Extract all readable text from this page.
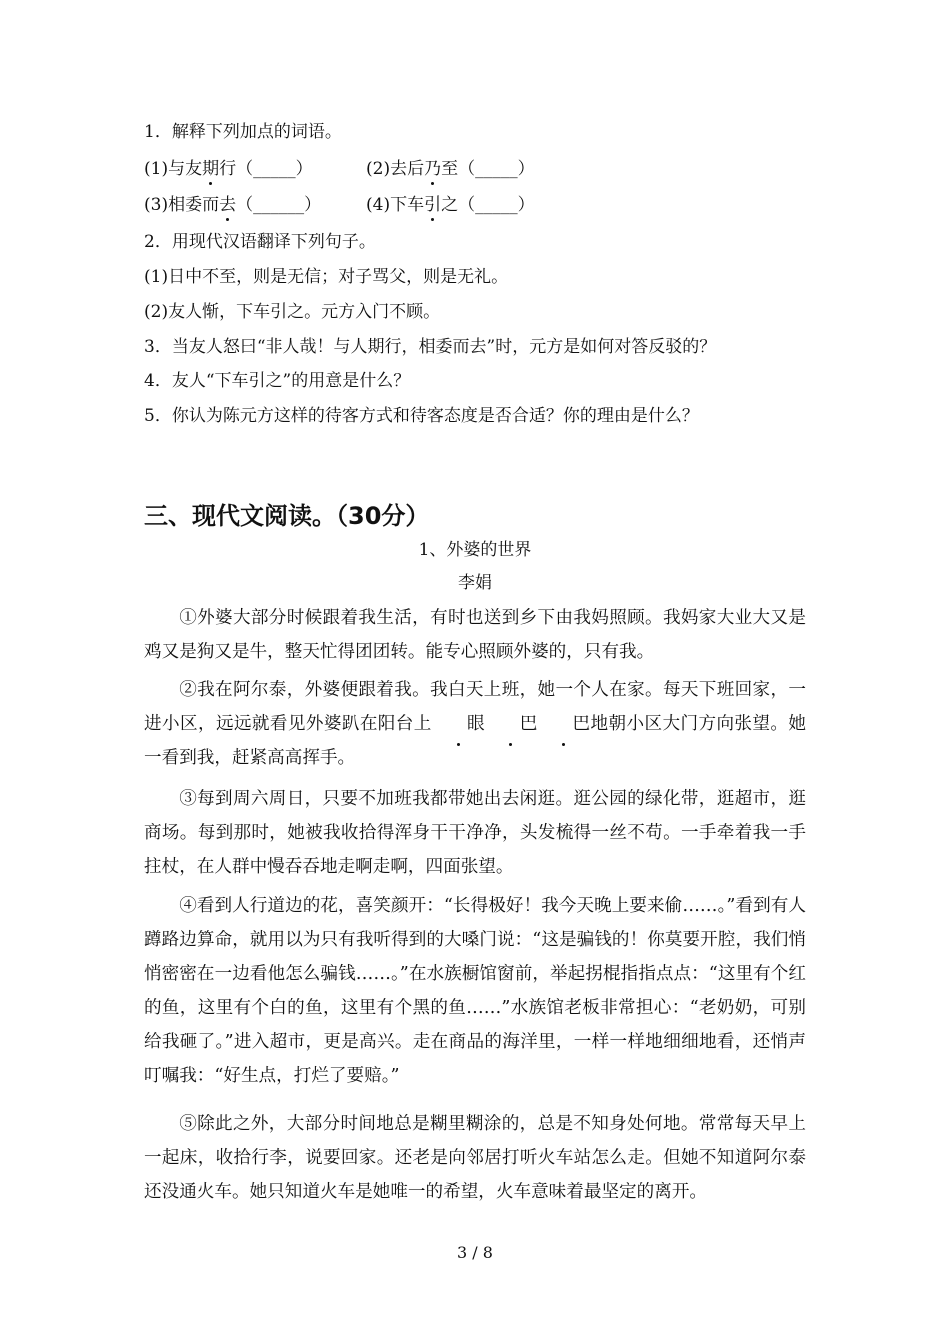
1．解释下列加点的词语。
(1)与友期行（_____）	(2)去后乃至（_____）
(3)相委而去（______）	(4)下车引之（_____）
2．用现代汉语翻译下列句子。
(1)日中不至，则是无信；对子骂父，则是无礼。
(2)友人惭，下车引之。元方入门不顾。
3．当友人怒曰“非人哉！与人期行，相委而去”时，元方是如何对答反驳的？
4．友人“下车引之”的用意是什么？
5．你认为陈元方这样的待客方式和待客态度是否合适？你的理由是什么？
三、现代文阅读。（30分）
1、外婆的世界
李娟

①外婆大部分时候跟着我生活，有时也送到乡下由我妈照顾。我妈家大业大又是鸡又是狗又是牛，整天忙得团团转。能专心照顾外婆的，只有我。

②我在阿尔泰，外婆便跟着我。我白天上班，她一个人在家。每天下班回家，一进小区，远远就看见外婆趴在阳台上 眼 巴 巴地朝小区大门方向张望。她一看到我，赶紧高高挥手。

③每到周六周日，只要不加班我都带她出去闲逛。逛公园的绿化带，逛超市，逛商场。每到那时，她被我收拾得浑身干干净净，头发梳得一丝不苟。一手牵着我一手拄杖，在人群中慢吞吞地走啊走啊，四面张望。

④看到人行道边的花，喜笑颜开：“长得极好！我今天晚上要来偷……。”看到有人蹲路边算命，就用以为只有我听得到的大嗓门说：“这是骗钱的！你莫要开腔，我们悄悄密密在一边看他怎么骗钱……。”在水族橱馆窗前，举起拐棍指指点点：“这里有个红的鱼，这里有个白的鱼，这里有个黑的鱼……”水族馆老板非常担心：“老奶奶，可别给我砸了。”进入超市，更是高兴。走在商品的海洋里，一样一样地细细地看，还悄声叮嘱我：“好生点，打烂了要赔。”

⑤除此之外，大部分时间地总是糊里糊涂的，总是不知身处何地。常常每天早上一起床，收拾行李，说要回家。还老是向邻居打听火车站怎么走。但她不知道阿尔泰还没通火车。她只知道火车是她唯一的希望，火车意味着最坚定的离开。

3 / 8
